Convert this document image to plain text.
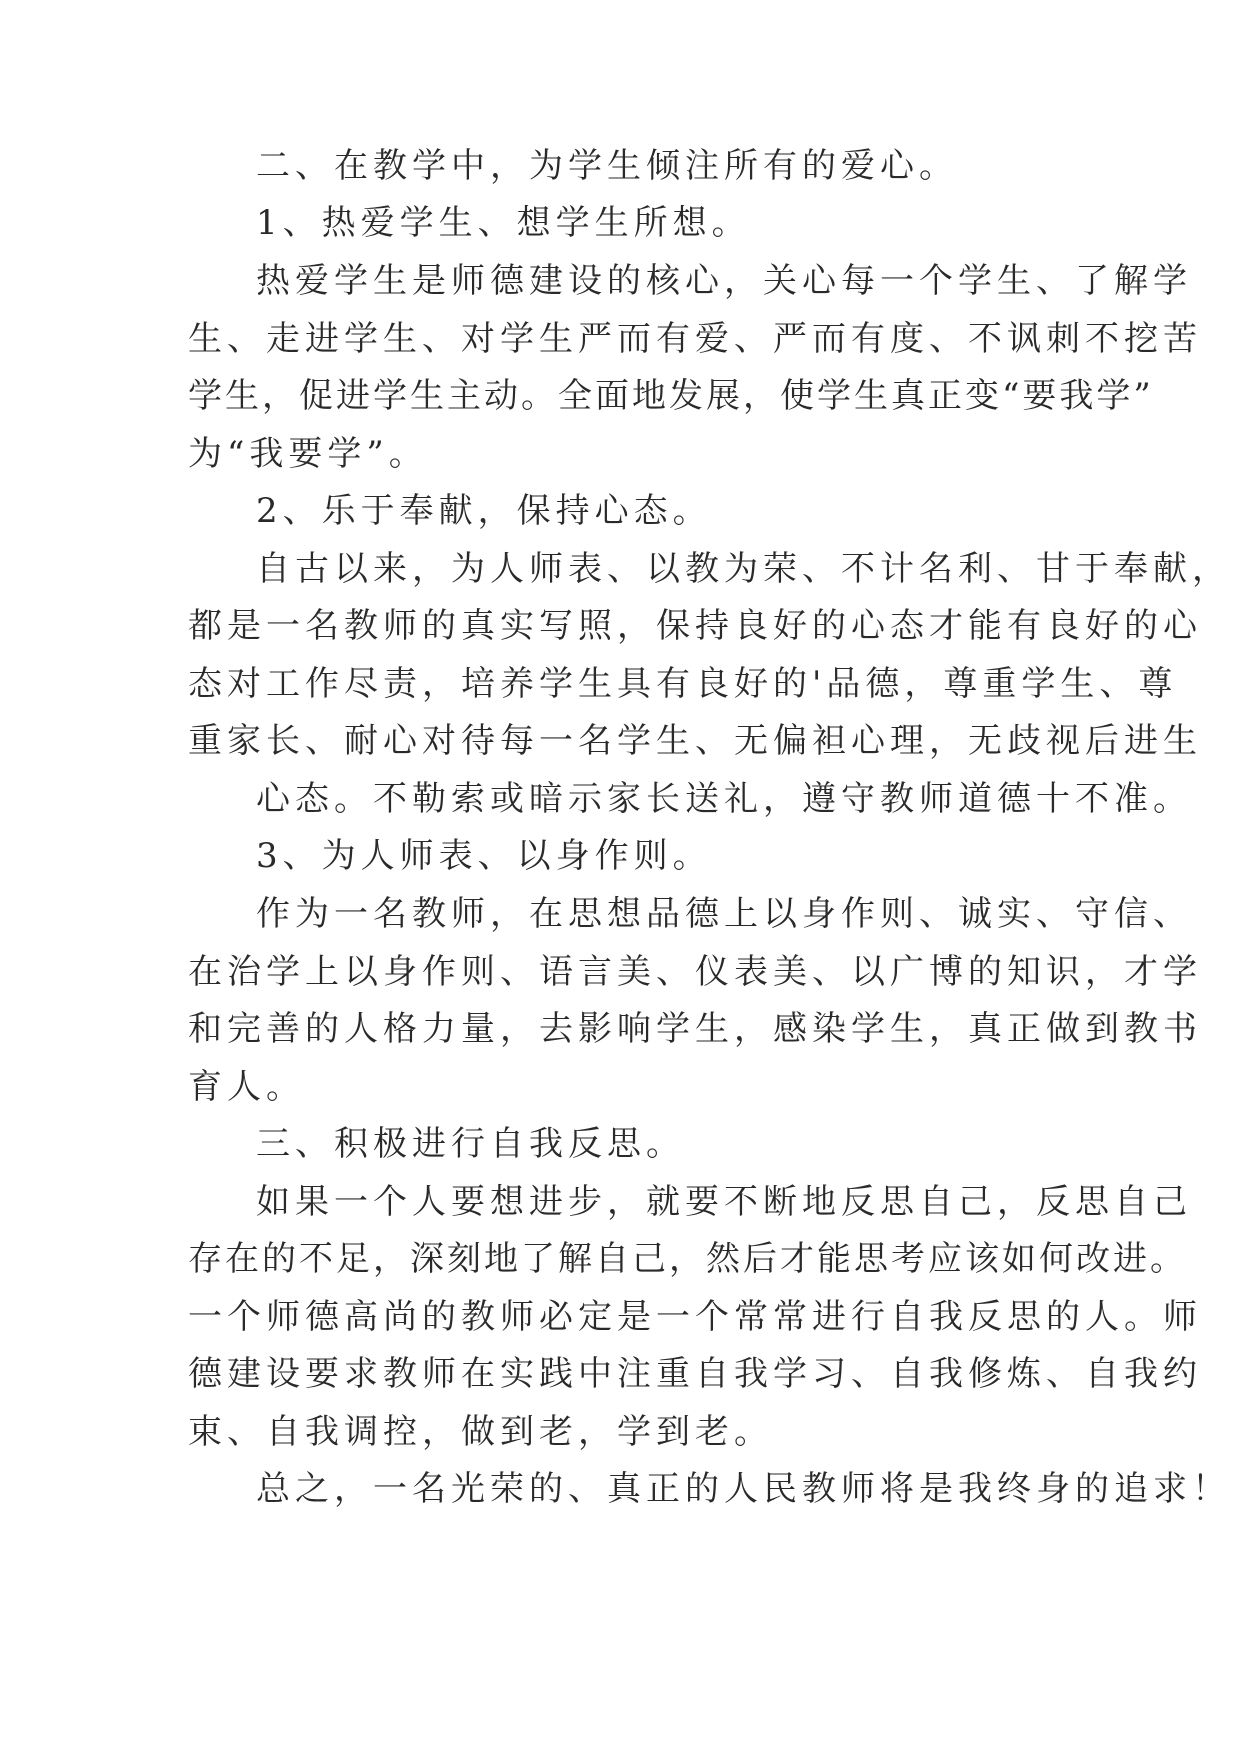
二、在教学中，为学生倾注所有的爱心。
1、热爱学生、想学生所想。
热爱学生是师德建设的核心，关心每一个学生、了解学
生、走进学生、对学生严而有爱、严而有度、不讽刺不挖苦
学生，促进学生主动。全面地发展，使学生真正变“要我学”
为“我要学”。
2、乐于奉献，保持心态。
自古以来，为人师表、以教为荣、不计名利、甘于奉献，
都是一名教师的真实写照，保持良好的心态才能有良好的心
态对工作尽责，培养学生具有良好的'品德，尊重学生、尊
重家长、耐心对待每一名学生、无偏袒心理，无歧视后进生
心态。不勒索或暗示家长送礼，遵守教师道德十不准。
3、为人师表、以身作则。
作为一名教师，在思想品德上以身作则、诚实、守信、
在治学上以身作则、语言美、仪表美、以广博的知识，才学
和完善的人格力量，去影响学生，感染学生，真正做到教书
育人。
三、积极进行自我反思。
如果一个人要想进步，就要不断地反思自己，反思自己
存在的不足，深刻地了解自己，然后才能思考应该如何改进。
一个师德高尚的教师必定是一个常常进行自我反思的人。师
德建设要求教师在实践中注重自我学习、自我修炼、自我约
束、自我调控，做到老，学到老。
总之，一名光荣的、真正的人民教师将是我终身的追求！
